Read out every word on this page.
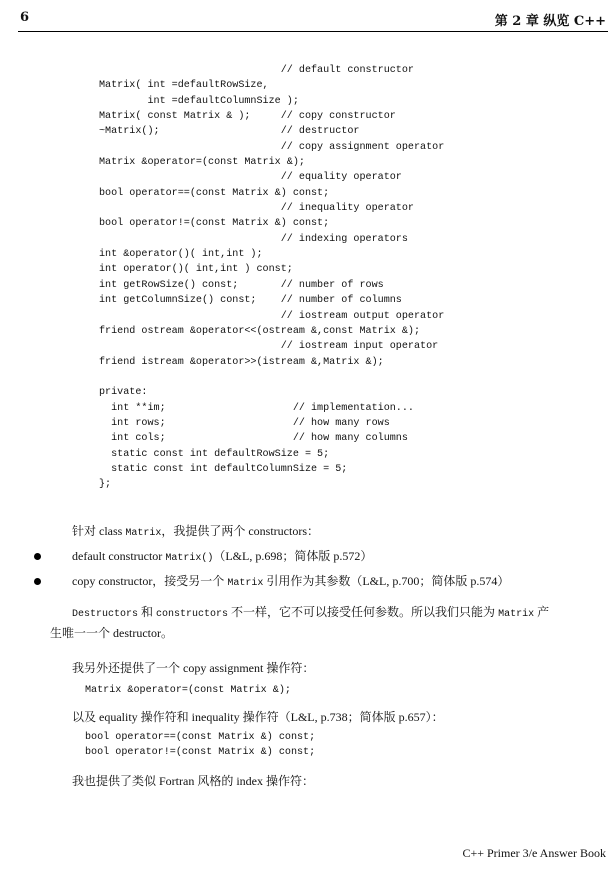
6	第 2 章 纵览 C++
// default constructor
Matrix( int =defaultRowSize,
int =defaultColumnSize );
Matrix( const Matrix & );     // copy constructor
~Matrix();                    // destructor
// copy assignment operator
Matrix &operator=(const Matrix &);
// equality operator
bool operator==(const Matrix &) const;
// inequality operator
bool operator!=(const Matrix &) const;
// indexing operators
int &operator()( int,int );
int operator()( int,int ) const;
int getRowSize() const;       // number of rows
int getColumnSize() const;    // number of columns
// iostream output operator
friend ostream &operator<<(ostream &,const Matrix &);
// iostream input operator
friend istream &operator>>(istream &,Matrix &);

private:
int **im;                     // implementation...
int rows;                     // how many rows
int cols;                     // how many columns
static const int defaultRowSize = 5;
static const int defaultColumnSize = 5;
};
针对 class Matrix，我提供了两个 constructors：
default constructor Matrix()（L&L, p.698；简体版 p.572）
copy constructor，接受另一个 Matrix 引用作为其参数（L&L, p.700；简体版 p.574）
Destructors 和 constructors 不一样，它不可以接受任何参数。所以我们只能为 Matrix 产
生唯一一个 destructor。
我另外还提供了一个 copy assignment 操作符：
Matrix &operator=(const Matrix &);
以及 equality 操作符和 inequality 操作符（L&L, p.738；简体版 p.657）：
bool operator==(const Matrix &) const;
bool operator!=(const Matrix &) const;
我也提供了类似 Fortran 风格的 index 操作符：
C++ Primer 3/e Answer Book
